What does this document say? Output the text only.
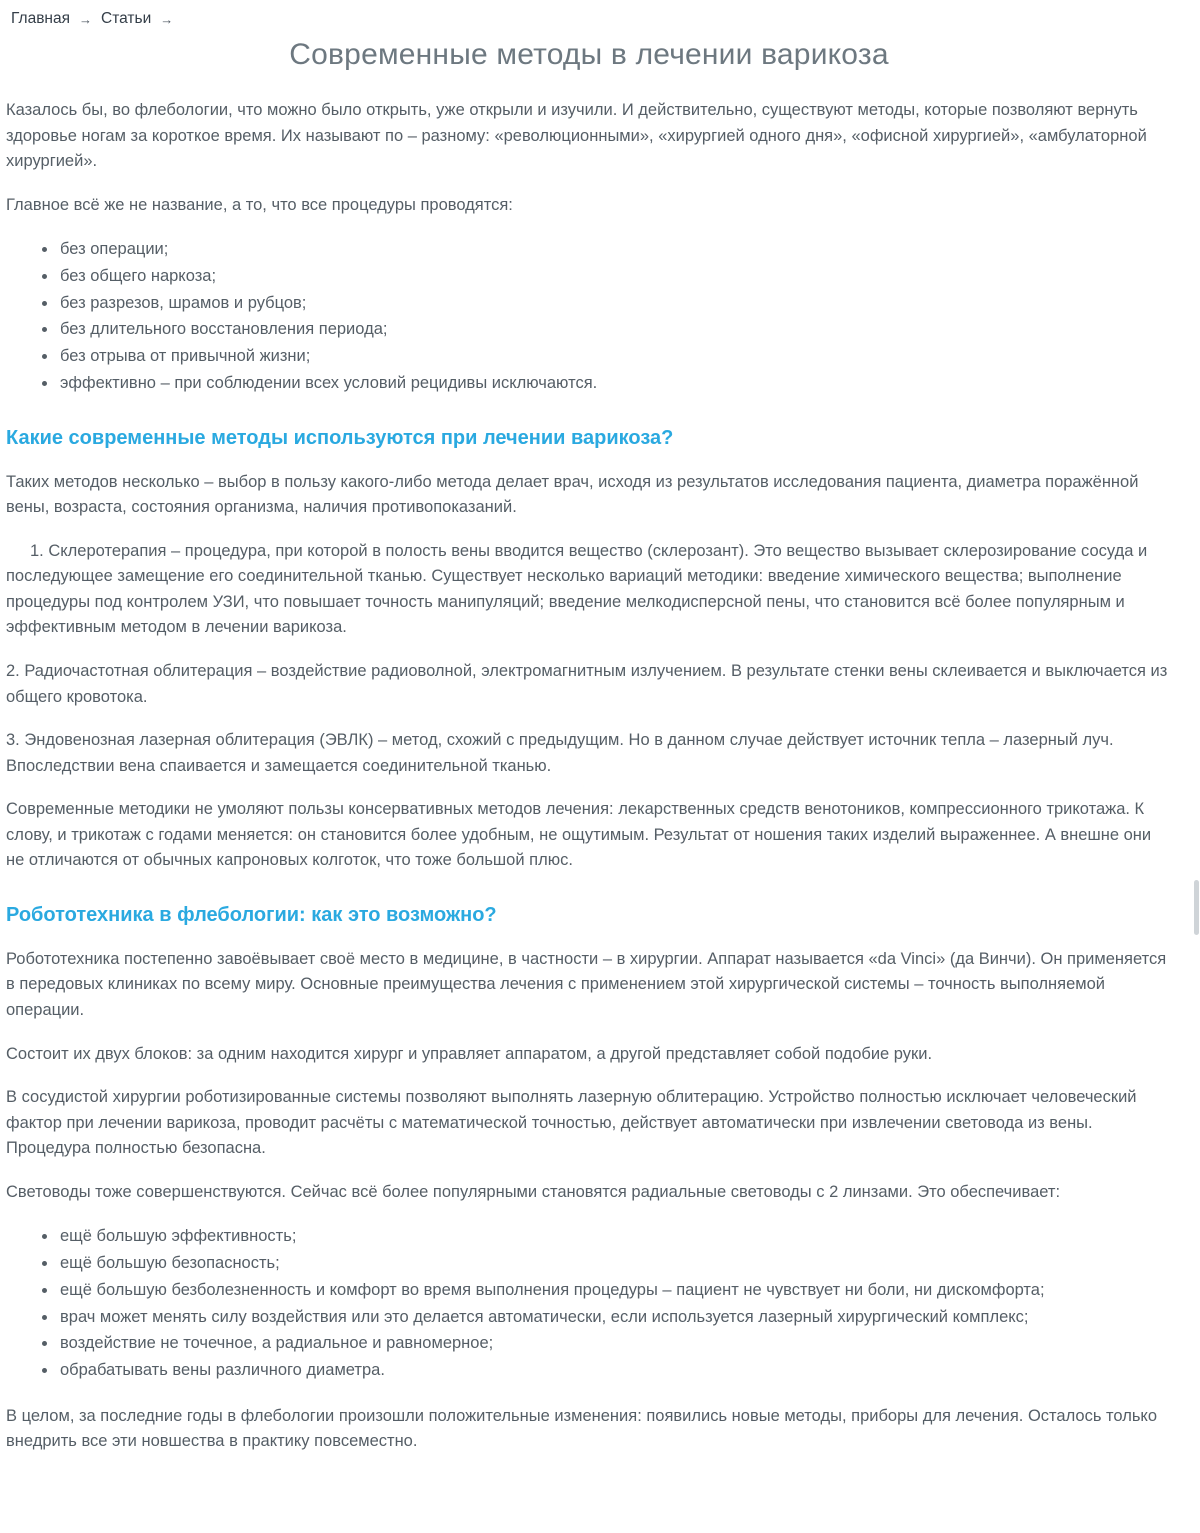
Главная → Статьи →
Современные методы в лечении варикоза

Казалось бы, во флебологии, что можно было открыть, уже открыли и изучили. И действительно, существуют методы, которые позволяют вернуть здоровье ногам за короткое время. Их называют по – разному: «революционными», «хирургией одного дня», «офисной хирургией», «амбулаторной хирургией».

Главное всё же не название, а то, что все процедуры проводятся:

• без операции;
• без общего наркоза;
• без разрезов, шрамов и рубцов;
• без длительного восстановления периода;
• без отрыва от привычной жизни;
• эффективно – при соблюдении всех условий рецидивы исключаются.
Какие современные методы используются при лечении варикоза?

Таких методов несколько – выбор в пользу какого-либо метода делает врач, исходя из результатов исследования пациента, диаметра поражённой вены, возраста, состояния организма, наличия противопоказаний.

1. Склеротерапия – процедура, при которой в полость вены вводится вещество (склерозант). Это вещество вызывает склерозирование сосуда и последующее замещение его соединительной тканью. Существует несколько вариаций методики: введение химического вещества; выполнение процедуры под контролем УЗИ, что повышает точность манипуляций; введение мелкодисперсной пены, что становится всё более популярным и эффективным методом в лечении варикоза.

2. Радиочастотная облитерация – воздействие радиоволной, электромагнитным излучением. В результате стенки вены склеивается и выключается из общего кровотока.

3. Эндовенозная лазерная облитерация (ЭВЛК) – метод, схожий с предыдущим. Но в данном случае действует источник тепла – лазерный луч. Впоследствии вена спаивается и замещается соединительной тканью.

Современные методики не умоляют пользы консервативных методов лечения: лекарственных средств венотоников, компрессионного трикотажа. К слову, и трикотаж с годами меняется: он становится более удобным, не ощутимым. Результат от ношения таких изделий выраженнее. А внешне они не отличаются от обычных капроновых колготок, что тоже большой плюс.

Робототехника в флебологии: как это возможно?

Робототехника постепенно завоёвывает своё место в медицине, в частности – в хирургии. Аппарат называется «da Vinci» (да Винчи). Он применяется в передовых клиниках по всему миру. Основные преимущества лечения с применением этой хирургической системы – точность выполняемой операции.

Состоит их двух блоков: за одним находится хирург и управляет аппаратом, а другой представляет собой подобие руки.

В сосудистой хирургии роботизированные системы позволяют выполнять лазерную облитерацию. Устройство полностью исключает человеческий фактор при лечении варикоза, проводит расчёты с математической точностью, действует автоматически при извлечении световода из вены. Процедура полностью безопасна.

Световоды тоже совершенствуются. Сейчас всё более популярными становятся радиальные световоды с 2 линзами. Это обеспечивает:

• ещё большую эффективность;
• ещё большую безопасность;
• ещё большую безболезненность и комфорт во время выполнения процедуры – пациент не чувствует ни боли, ни дискомфорта;
• врач может менять силу воздействия или это делается автоматически, если используется лазерный хирургический комплекс;
• воздействие не точечное, а радиальное и равномерное;
• обрабатывать вены различного диаметра.

В целом, за последние годы в флебологии произошли положительные изменения: появились новые методы, приборы для лечения. Осталось только внедрить все эти новшества в практику повсеместно.
